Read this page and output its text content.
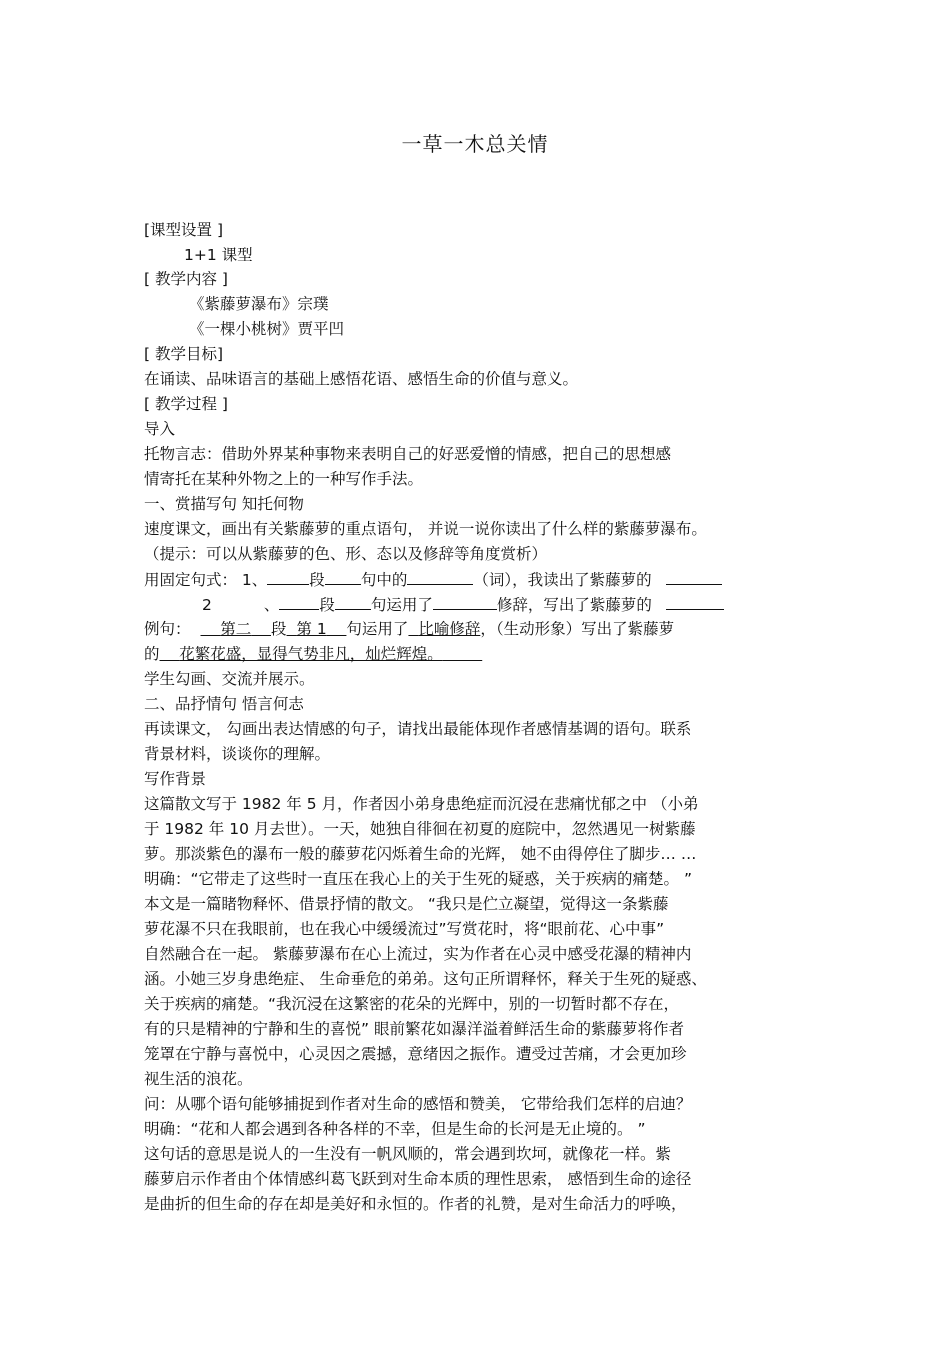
一草一木总关情
[课型设置 ]
1+1 课型
[ 教学内容 ]
《紫藤萝瀑布》宗璞
《一棵小桃树》贾平凹
[ 教学目标]
在诵读、品味语言的基础上感悟花语、感悟生命的价值与意义。
[ 教学过程 ]
导入
托物言志：借助外界某种事物来表明自己的好恶爱憎的情感，把自己的思想感
情寄托在某种外物之上的一种写作手法。
一、赏描写句 知托何物
速度课文，画出有关紫藤萝的重点语句， 并说一说你读出了什么样的紫藤萝瀑布。
（提示：可以从紫藤萝的色、形、态以及修辞等角度赏析）
用固定句式： 1、	段 句中的	（词），我读出了紫藤萝的
2	、	段 句运用了	修辞，写出了紫藤萝的
例句：   第二   段  第 1   句运用了  比喻修辞，（生动形象）写出了紫藤萝
的   花繁花盛，显得气势非凡，灿烂辉煌。    
学生勾画、交流并展示。
二、品抒情句 悟言何志
再读课文， 勾画出表达情感的句子，请找出最能体现作者感情基调的语句。联系
背景材料，谈谈你的理解。
写作背景
这篇散文写于 1982 年 5 月，作者因小弟身患绝症而沉浸在悲痛忧郁之中 （小弟
于 1982 年 10 月去世）。一天，她独自徘徊在初夏的庭院中，忽然遇见一树紫藤
萝。那淡紫色的瀑布一般的藤萝花闪烁着生命的光辉， 她不由得停住了脚步… …
明确：“它带走了这些时一直压在我心上的关于生死的疑惑，关于疾病的痛楚。 ”
本文是一篇睹物释怀、借景抒情的散文。 “我只是伫立凝望，觉得这一条紫藤
萝花瀑不只在我眼前，也在我心中缓缓流过”写赏花时，将“眼前花、心中事”
自然融合在一起。 紫藤萝瀑布在心上流过，实为作者在心灵中感受花瀑的精神内
涵。小她三岁身患绝症、 生命垂危的弟弟。这句正所谓释怀，释关于生死的疑惑、
关于疾病的痛楚。“我沉浸在这繁密的花朵的光辉中，别的一切暂时都不存在，
有的只是精神的宁静和生的喜悦” 眼前繁花如瀑洋溢着鲜活生命的紫藤萝将作者
笼罩在宁静与喜悦中，心灵因之震撼，意绪因之振作。遭受过苦痛，才会更加珍
视生活的浪花。
问：从哪个语句能够捕捉到作者对生命的感悟和赞美， 它带给我们怎样的启迪？
明确：“花和人都会遇到各种各样的不幸，但是生命的长河是无止境的。 ”
这句话的意思是说人的一生没有一帆风顺的，常会遇到坎坷，就像花一样。紫
藤萝启示作者由个体情感纠葛飞跃到对生命本质的理性思索， 感悟到生命的途径
是曲折的但生命的存在却是美好和永恒的。作者的礼赞，是对生命活力的呼唤，
